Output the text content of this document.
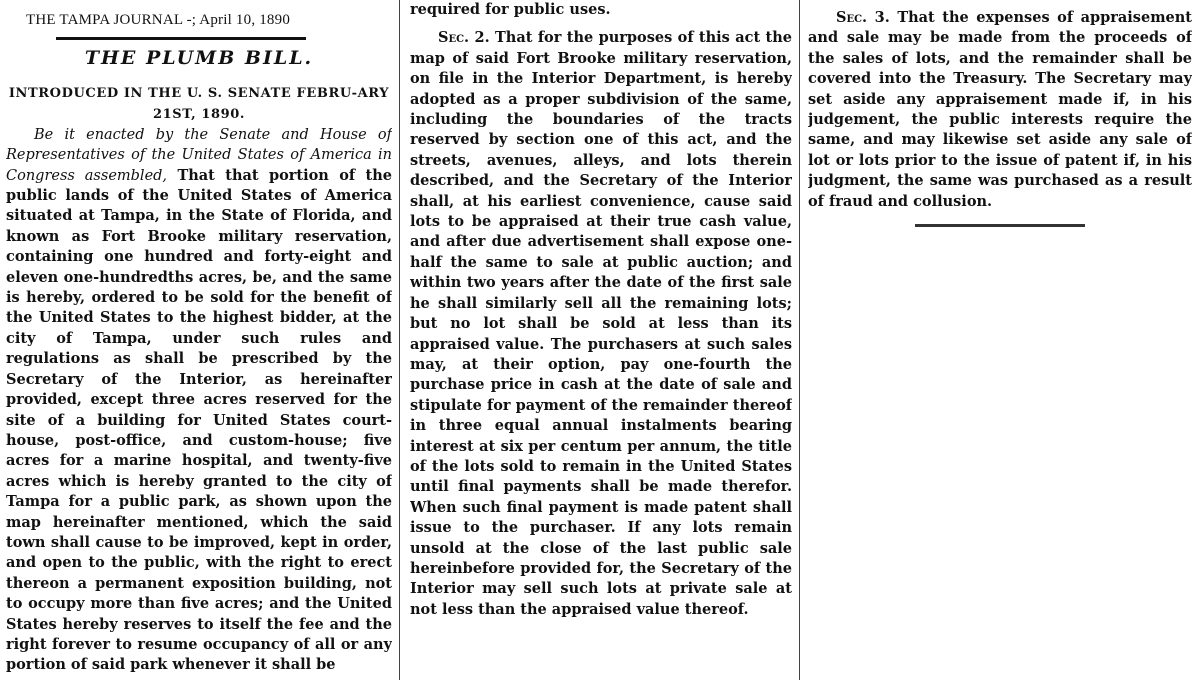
THE TAMPA JOURNAL -; April 10, 1890
THE PLUMB BILL.
INTRODUCED IN THE U. S. SENATE FEBRU-ARY 21ST, 1890.

Be it enacted by the Senate and House of Representatives of the United States of America in Congress assembled, That that portion of the public lands of the United States of America situated at Tampa, in the State of Florida, and known as Fort Brooke military reservation, containing one hundred and forty-eight and eleven one-hundredths acres, be, and the same is hereby, ordered to be sold for the benefit of the United States to the highest bidder, at the city of Tampa, under such rules and regulations as shall be prescribed by the Secretary of the Interior, as hereinafter provided, except three acres reserved for the site of a building for United States court-house, post-office, and custom-house; five acres for a marine hospital, and twenty-five acres which is hereby granted to the city of Tampa for a public park, as shown upon the map hereinafter mentioned, which the said town shall cause to be improved, kept in order, and open to the public, with the right to erect thereon a permanent exposition building, not to occupy more than five acres; and the United States hereby reserves to itself the fee and the right forever to resume occupancy of all or any portion of said park whenever it shall be

required for public uses.

Sec. 2. That for the purposes of this act the map of said Fort Brooke military reservation, on file in the Interior Department, is hereby adopted as a proper subdivision of the same, including the boundaries of the tracts reserved by section one of this act, and the streets, avenues, alleys, and lots therein described, and the Secretary of the Interior shall, at his earliest convenience, cause said lots to be appraised at their true cash value, and after due advertisement shall expose one-half the same to sale at public auction; and within two years after the date of the first sale he shall similarly sell all the remaining lots; but no lot shall be sold at less than its appraised value. The purchasers at such sales may, at their option, pay one-fourth the purchase price in cash at the date of sale and stipulate for payment of the remainder thereof in three equal annual instalments bearing interest at six per centum per annum, the title of the lots sold to remain in the United States until final payments shall be made therefor. When such final payment is made patent shall issue to the purchaser. If any lots remain unsold at the close of the last public sale hereinbefore provided for, the Secretary of the Interior may sell such lots at private sale at not less than the appraised value thereof.

Sec. 3. That the expenses of appraisement and sale may be made from the proceeds of the sales of lots, and the remainder shall be covered into the Treasury. The Secretary may set aside any appraisement made if, in his judgement, the public interests require the same, and may likewise set aside any sale of lot or lots prior to the issue of patent if, in his judgment, the same was purchased as a result of fraud and collusion.
